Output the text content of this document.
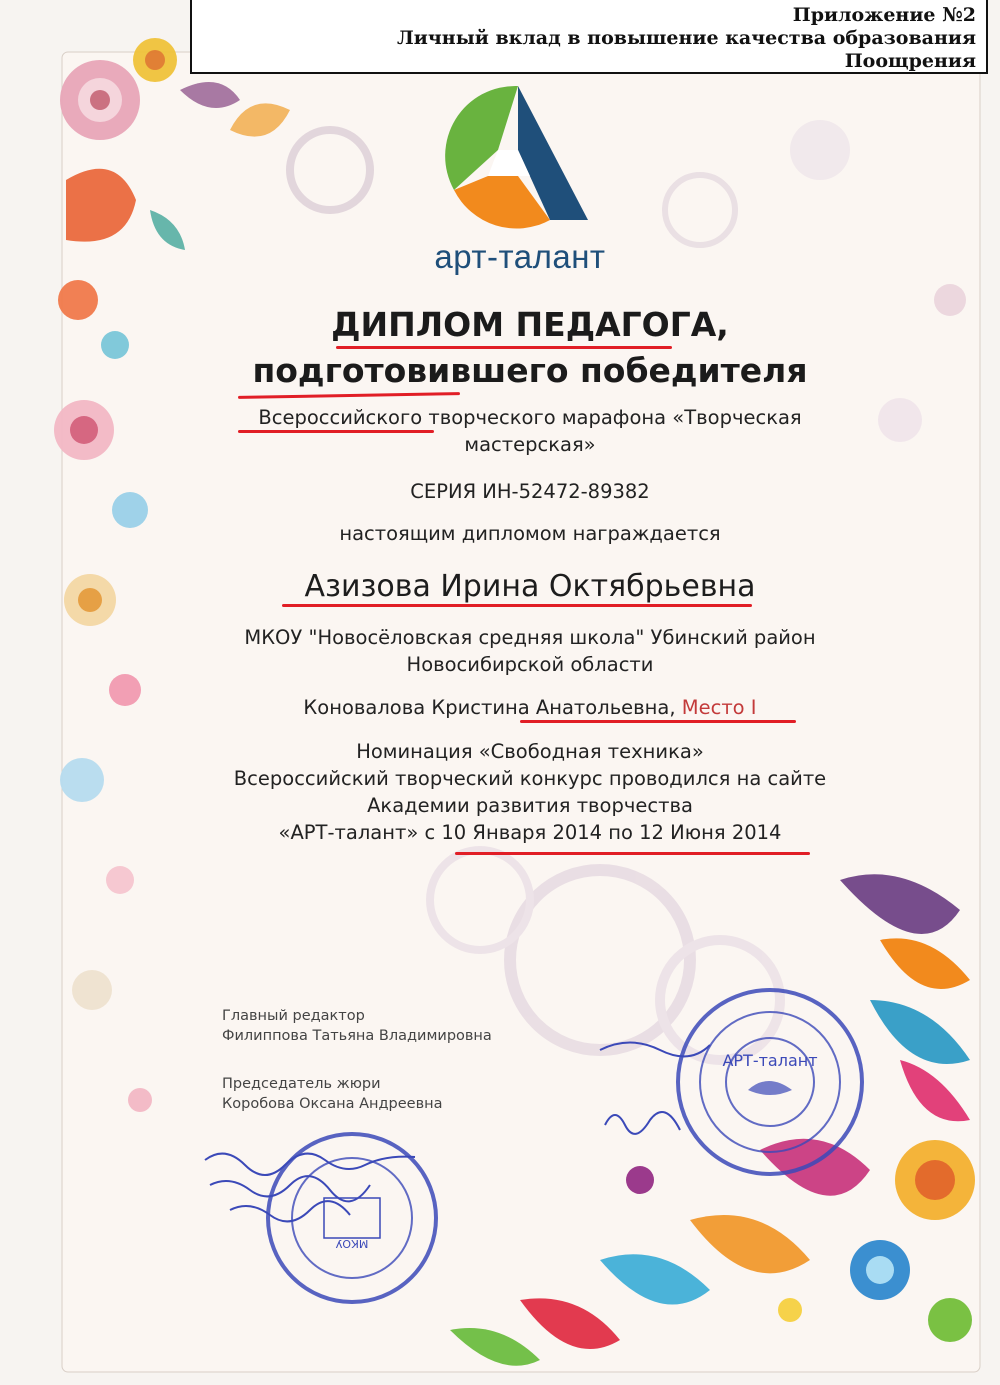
Приложение №2
Личный вклад в повышение качества образования
Поощрения
арт-талант
ДИПЛОМ ПЕДАГОГА,
подготовившего победителя
Всероссийского творческого марафона «Творческая
мастерская»
СЕРИЯ ИН-52472-89382
настоящим дипломом награждается
Азизова Ирина Октябрьевна
МКОУ "Новосёловская средняя школа" Убинский район
Новосибирской области
Коновалова Кристина Анатольевна, Место I
Номинация «Свободная техника»
Всероссийский творческий конкурс проводился на сайте
Академии развития творчества
«АРТ-талант» с 10 Января 2014 по 12 Июня 2014
Главный редактор
Филиппова Татьяна Владимировна
Председатель жюри
Коробова Оксана Андреевна
АРТ-талант
МКОУ
